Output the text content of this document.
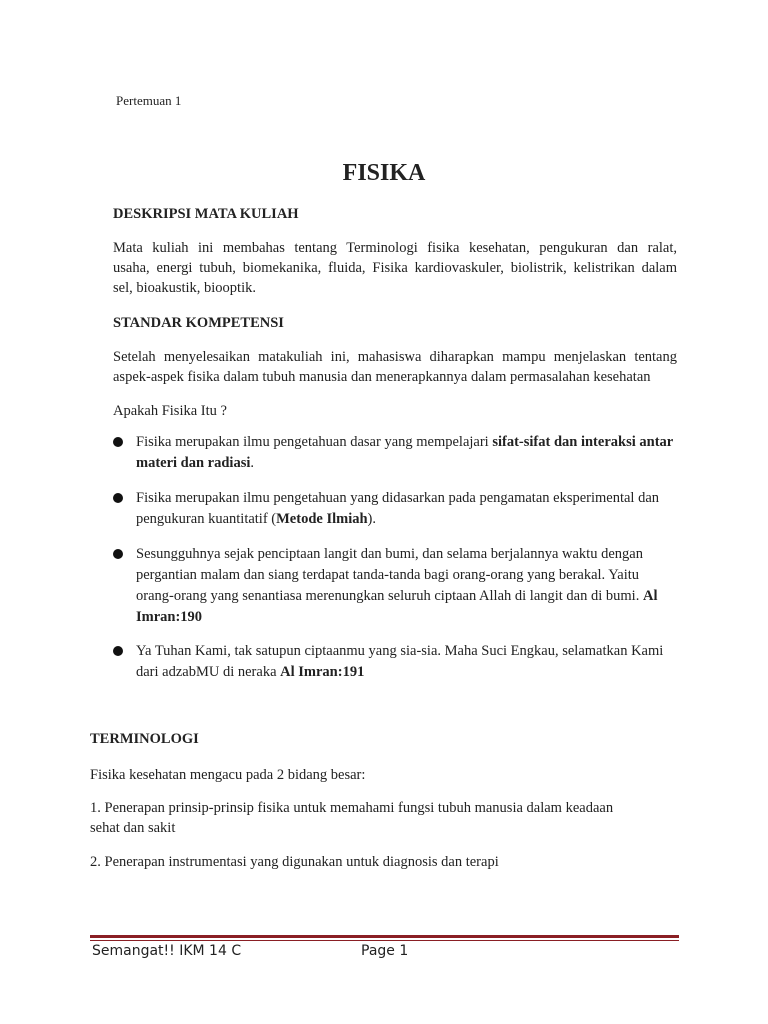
Pertemuan 1
FISIKA
DESKRIPSI MATA KULIAH
Mata kuliah ini membahas tentang Terminologi fisika kesehatan, pengukuran dan ralat,
usaha, energi tubuh, biomekanika, fluida, Fisika kardiovaskuler, biolistrik, kelistrikan dalam
sel, bioakustik, biooptik.
STANDAR KOMPETENSI
Setelah menyelesaikan matakuliah ini, mahasiswa diharapkan mampu menjelaskan tentang
aspek-aspek fisika dalam tubuh manusia dan menerapkannya dalam permasalahan kesehatan
Apakah Fisika Itu ?
Fisika merupakan ilmu pengetahuan dasar yang mempelajari sifat-sifat dan interaksi antar materi dan radiasi.
Fisika merupakan ilmu pengetahuan yang didasarkan pada pengamatan eksperimental dan pengukuran kuantitatif (Metode Ilmiah).
Sesungguhnya sejak penciptaan langit dan bumi, dan selama berjalannya waktu dengan pergantian malam dan siang terdapat tanda-tanda bagi orang-orang yang berakal. Yaitu orang-orang yang senantiasa merenungkan seluruh ciptaan Allah di langit dan di bumi. Al Imran:190
Ya Tuhan Kami, tak satupun ciptaanmu yang sia-sia. Maha Suci Engkau, selamatkan Kami dari adzabMU di neraka Al Imran:191
TERMINOLOGI
Fisika kesehatan mengacu pada 2 bidang besar:
1. Penerapan prinsip-prinsip fisika untuk memahami fungsi tubuh manusia dalam keadaan
sehat dan sakit
2. Penerapan instrumentasi yang digunakan untuk diagnosis dan terapi
Semangat!! IKM 14 C	Page 1
